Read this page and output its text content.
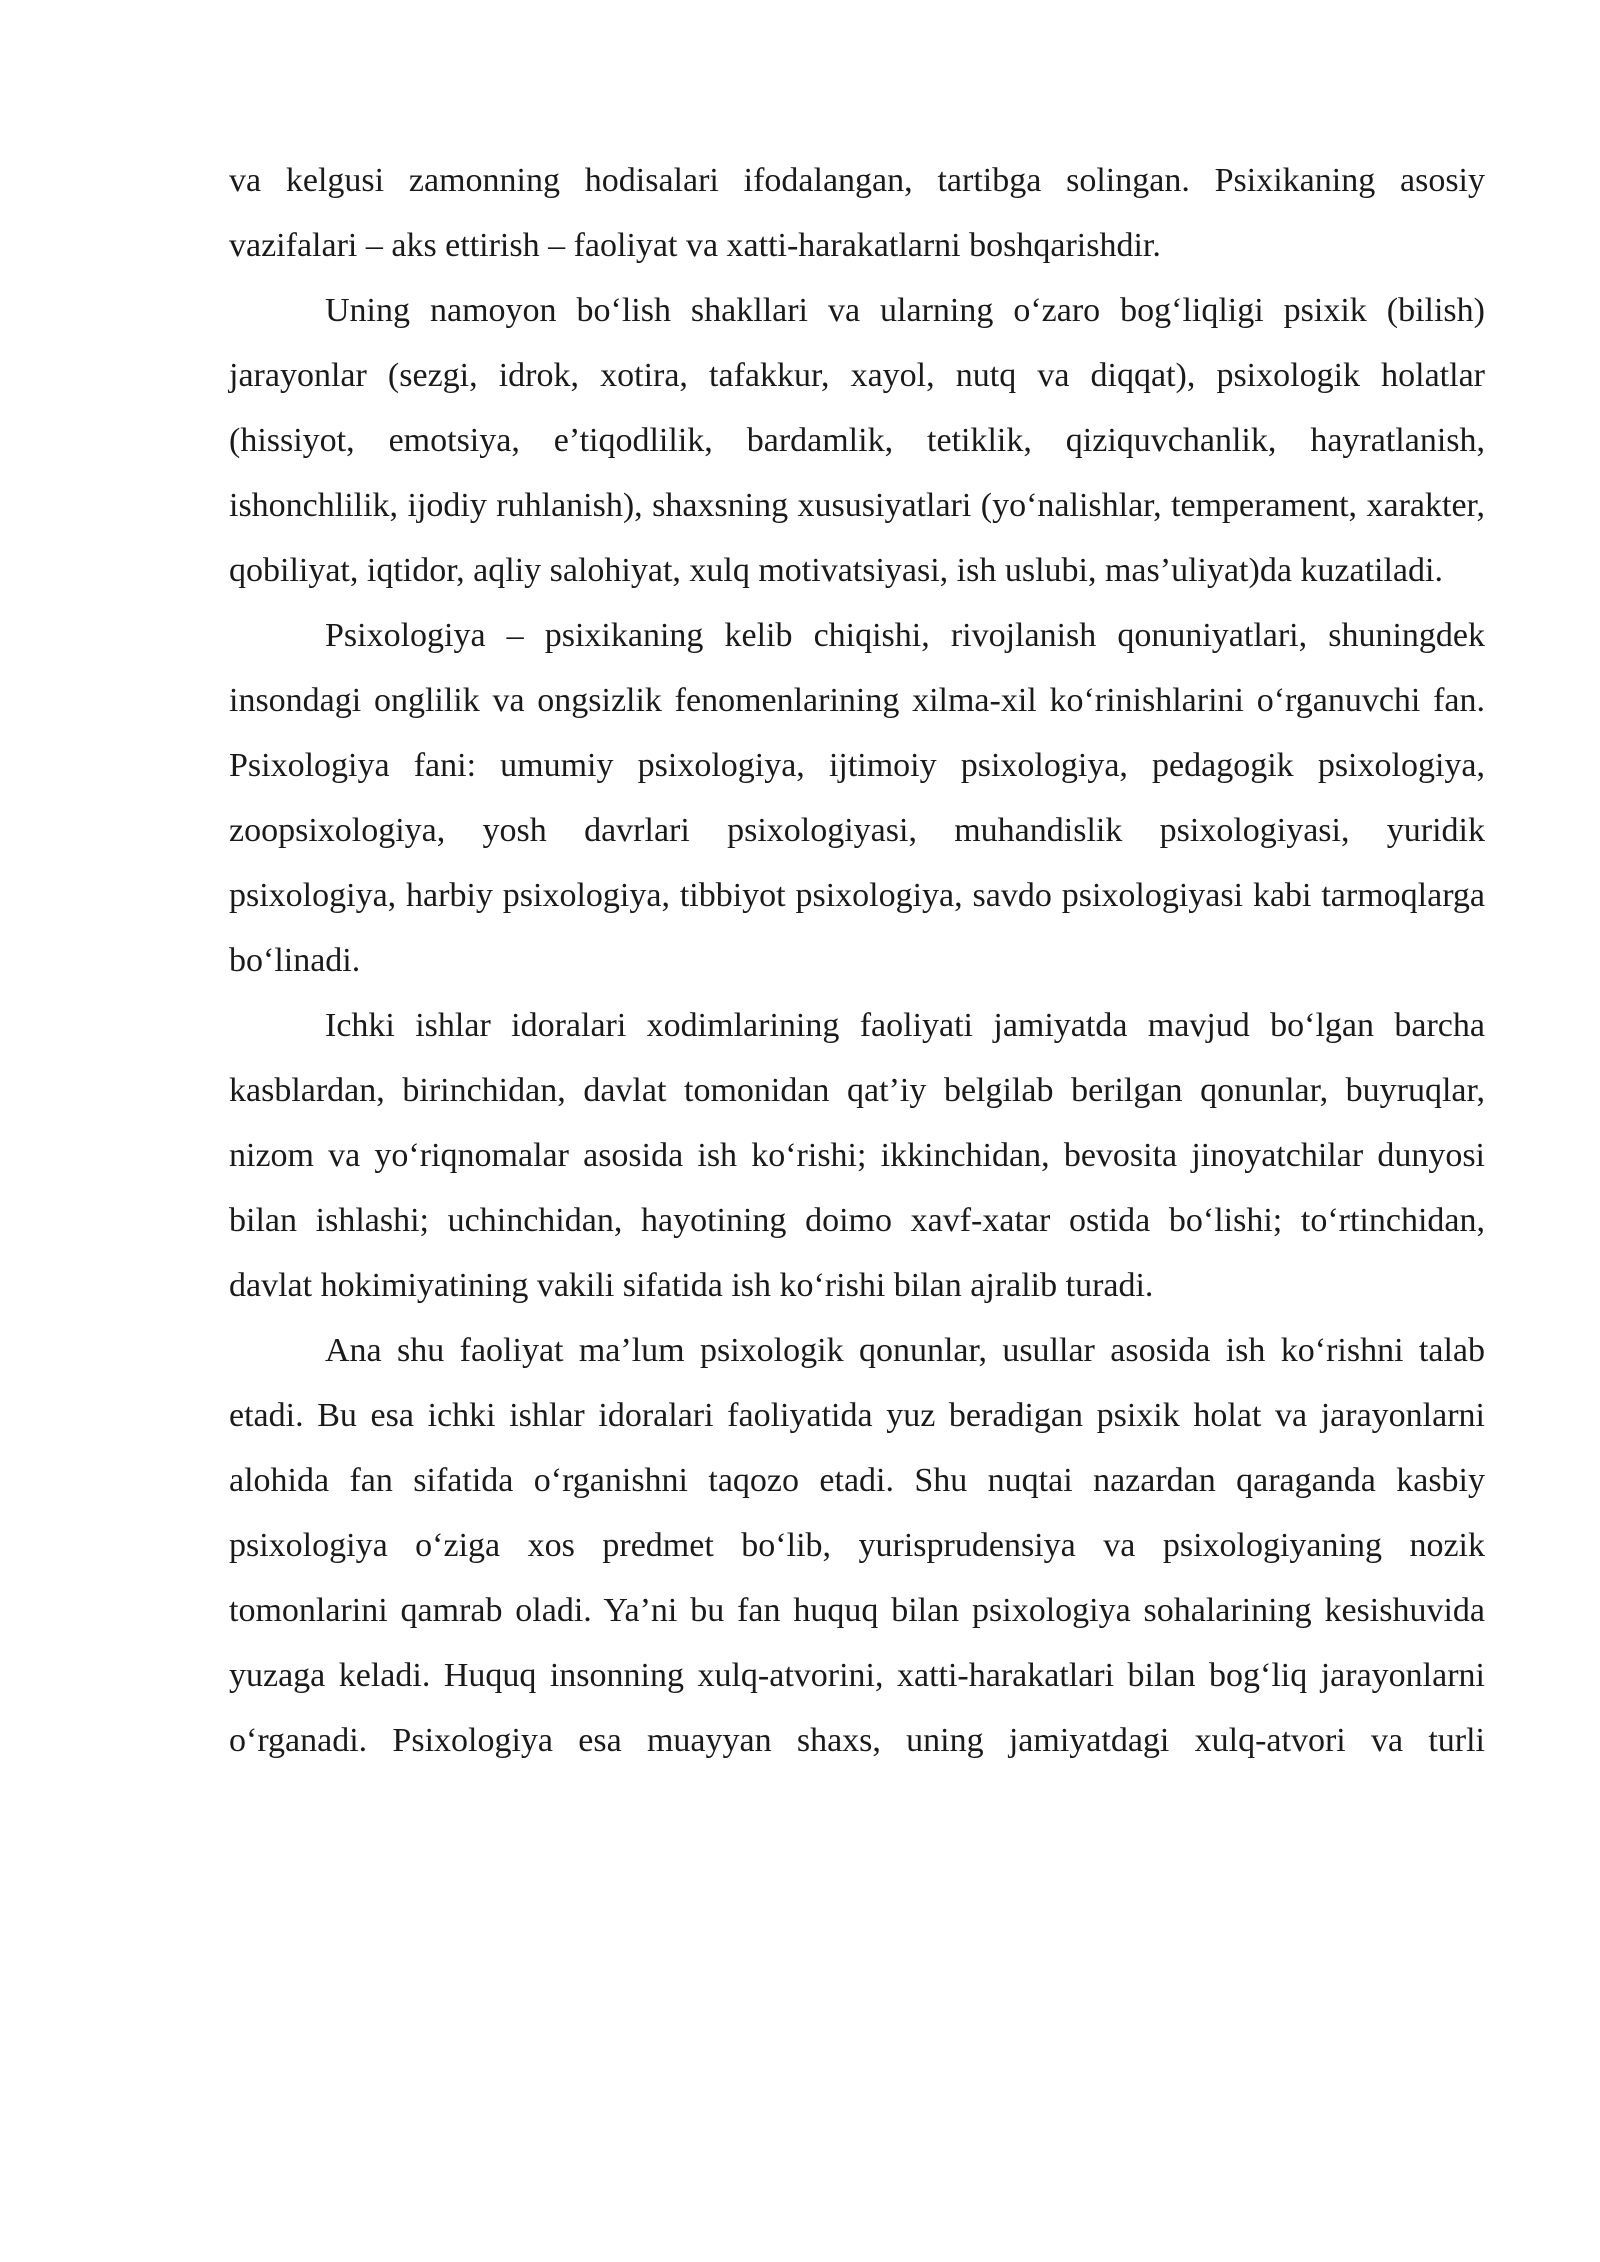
va kelgusi zamonning hodisalari ifodalangan, tartibga solingan. Psixikaning asosiy vazifalari – aks ettirish – faoliyat va xatti-harakatlarni boshqarishdir.

Uning namoyon bo‘lish shakllari va ularning o‘zaro bog‘liqligi psixik (bilish) jarayonlar (sezgi, idrok, xotira, tafakkur, xayol, nutq va diqqat), psixologik holatlar (hissiyot, emotsiya, e’tiqodlilik, bardamlik, tetiklik, qiziquvchanlik, hayratlanish, ishonchlilik, ijodiy ruhlanish), shaxsning xususiyatlari (yo‘nalishlar, temperament, xarakter, qobiliyat, iqtidor, aqliy salohiyat, xulq motivatsiyasi, ish uslubi, mas’uliyat)da kuzatiladi.

Psixologiya – psixikaning kelib chiqishi, rivojlanish qonuniyatlari, shuningdek insondagi onglilik va ongsizlik fenomenlarining xilma-xil ko‘rinishlarini o‘rganuvchi fan. Psixologiya fani: umumiy psixologiya, ijtimoiy psixologiya, pedagogik psixologiya, zoopsixologiya, yosh davrlari psixologiyasi, muhandislik psixologiyasi, yuridik psixologiya, harbiy psixologiya, tibbiyot psixologiya, savdo psixologiyasi kabi tarmoqlarga bo‘linadi.

Ichki ishlar idoralari xodimlarining faoliyati jamiyatda mavjud bo‘lgan barcha kasblardan, birinchidan, davlat tomonidan qat’iy belgilab berilgan qonunlar, buyruqlar, nizom va yo‘riqnomalar asosida ish ko‘rishi; ikkinchidan, bevosita jinoyatchilar dunyosi bilan ishlashi; uchinchidan, hayotining doimo xavf-xatar ostida bo‘lishi; to‘rtinchidan, davlat hokimiyatining vakili sifatida ish ko‘rishi bilan ajralib turadi.

Ana shu faoliyat ma’lum psixologik qonunlar, usullar asosida ish ko‘rishni talab etadi. Bu esa ichki ishlar idoralari faoliyatida yuz beradigan psixik holat va jarayonlarni alohida fan sifatida o‘rganishni taqozo etadi. Shu nuqtai nazardan qaraganda kasbiy psixologiya o‘ziga xos predmet bo‘lib, yurisprudensiya va psixologiyaning nozik tomonlarini qamrab oladi. Ya’ni bu fan huquq bilan psixologiya sohalarining kesishuvida yuzaga keladi. Huquq insonning xulq-atvorini, xatti-harakatlari bilan bog‘liq jarayonlarni o‘rganadi. Psixologiya esa muayyan shaxs, uning jamiyatdagi xulq-atvori va turli
